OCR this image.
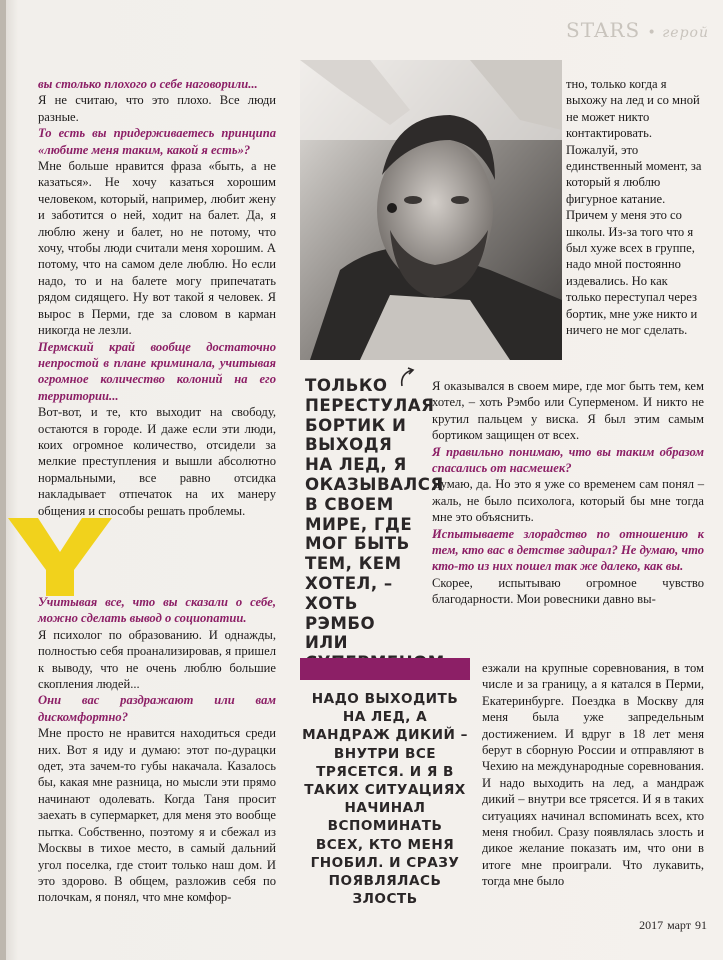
STARS • герой

вы столько плохого о себе наговорили...

Я не считаю, что это плохо. Все люди разные.

То есть вы придерживаетесь принципа «любите меня таким, какой я есть»?

Мне больше нравится фраза «быть, а не казаться». Не хочу казаться хорошим человеком, который, например, любит жену и заботится о ней, ходит на балет. Да, я люблю жену и балет, но не потому, что хочу, чтобы люди считали меня хорошим. А потому, что на самом деле люблю. Но если надо, то и на балете могу припечатать рядом сидящего. Ну вот такой я человек. Я вырос в Перми, где за словом в карман никогда не лезли.

Пермский край вообще достаточно непростой в плане криминала, учитывая огромное количество колоний на его территории...

Вот-вот, и те, кто выходит на свободу, остаются в городе. И даже если эти люди, коих огромное количество, отсидели за мелкие преступления и вышли абсолютно нормальными, все равно отсидка накладывает отпечаток на их манеру общения и способы решать проблемы.

Учитывая все, что вы сказали о себе, можно сделать вывод о социопатии.

Я психолог по образованию. И однажды, полностью себя проанализировав, я пришел к выводу, что не очень люблю большие скопления людей...

Они вас раздражают или вам дискомфортно?

Мне просто не нравится находиться среди них. Вот я иду и думаю: этот по-дурацки одет, эта зачем-то губы накачала. Казалось бы, какая мне разница, но мысли эти прямо начинают одолевать. Когда Таня просит заехать в супермаркет, для меня это вообще пытка. Собственно, поэтому я и сбежал из Москвы в тихое место, в самый дальний угол поселка, где стоит только наш дом. И это здорово. В общем, разложив себя по полочкам, я понял, что мне комфор-

ТОЛЬКО ПЕРЕСТУЛАЯ БОРТИК И ВЫХОДЯ НА ЛЕД, Я ОКАЗЫВАЛСЯ В СВОЕМ МИРЕ, ГДЕ МОГ БЫТЬ ТЕМ, КЕМ ХОТЕЛ, – ХОТЬ РЭМБО ИЛИ
тно, только когда я выхожу на лед и со мной не может никто контактировать. Пожалуй, это единственный момент, за который я люблю фигурное катание. Причем у меня это со школы. Из-за того что я был хуже всех в группе, надо мной постоянно издевались. Но как только переступал через бортик, мне уже никто и ничего не мог сделать.

Я оказывался в своем мире, где мог быть тем, кем хотел, – хоть Рэмбо или Суперменом. И никто не крутил пальцем у виска. Я был этим самым бортиком защищен от всех.

Я правильно понимаю, что вы таким образом спасались от насмешек?

Думаю, да. Но это я уже со временем сам понял – жаль, не было психолога, который бы мне тогда мне это объяснить.

Испытываете злорадство по отношению к тем, кто вас в детстве задирал? Не думаю, что кто-то из них пошел так же далеко, как вы.

Скорее, испытываю огромное чувство благодарности. Мои ровесники давно вы-

НАДО ВЫХОДИТЬ НА ЛЕД, А МАНДРАЖ ДИКИЙ – ВНУТРИ ВСЕ ТРЯСЕТСЯ. И Я В ТАКИХ СИТУАЦИЯХ НАЧИНАЛ ВСПОМИНАТЬ ВСЕХ, КТО МЕНЯ ГНОБИЛ. И СРАЗУ ПОЯВЛЯЛАСЬ ЗЛОСТЬ
езжали на крупные соревнования, в том числе и за границу, а я катался в Перми, Екатеринбурге. Поездка в Москву для меня была уже запредельным достижением. И вдруг в 18 лет меня берут в сборную России и отправляют в Чехию на международные соревнования. И надо выходить на лед, а мандраж дикий – внутри все трясется. И я в таких ситуациях начинал вспоминать всех, кто меня гнобил. Сразу появлялась злость и дикое желание показать им, что они в итоге мне проиграли. Что лукавить, тогда мне было
2017 март 91
